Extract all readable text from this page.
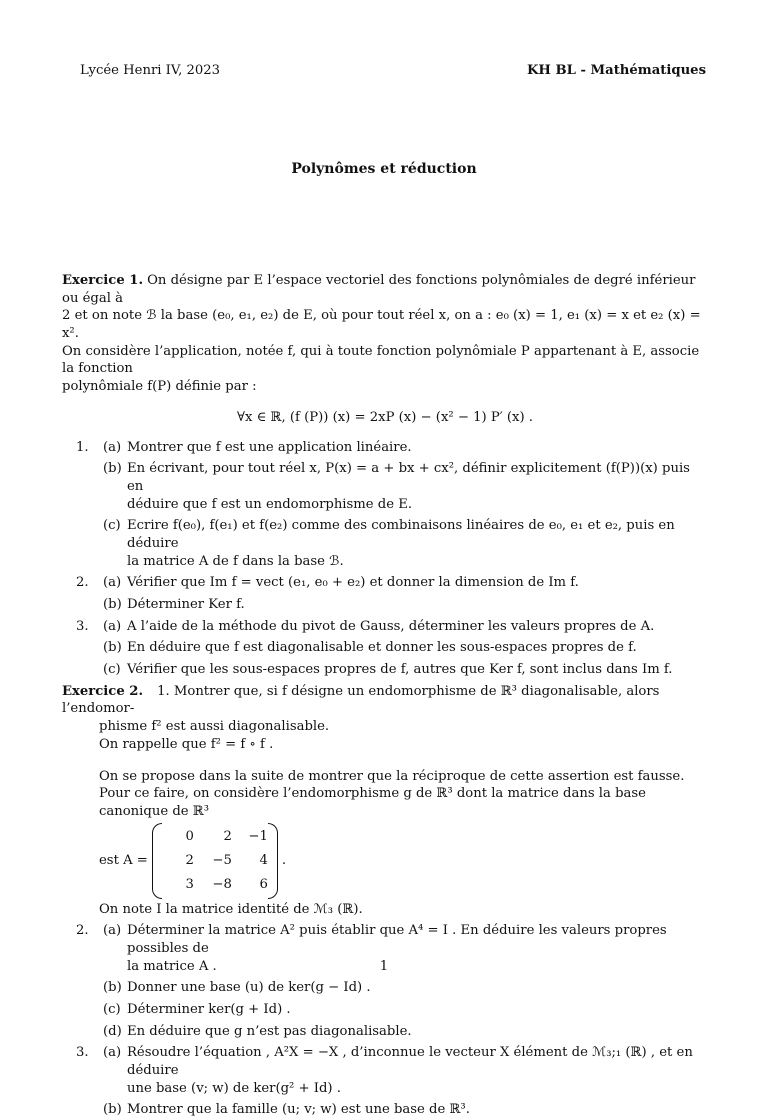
Lycée Henri IV, 2023	KH BL - Mathématiques
Polynômes et réduction

Exercice 1. On désigne par E l’espace vectoriel des fonctions polynômiales de degré inférieur ou égal à

2 et on note ℬ la base (e₀, e₁, e₂) de E, où pour tout réel x, on a : e₀ (x) = 1, e₁ (x) = x et e₂ (x) = x².

On considère l’application, notée f, qui à toute fonction polynômiale P appartenant à E, associe la fonction

polynômiale f(P) définie par :

∀x ∈ ℝ, (f (P)) (x) = 2xP (x) − (x² − 1) P′ (x) .
1. (a) Montrer que f est une application linéaire.
(b) En écrivant, pour tout réel x, P(x) = a + bx + cx², définir explicitement (f(P))(x) puis en

déduire que f est un endomorphisme de E.

(c) Ecrire f(e₀), f(e₁) et f(e₂) comme des combinaisons linéaires de e₀, e₁ et e₂, puis en déduire

la matrice A de f dans la base ℬ.

2. (a) Vérifier que Im f = vect (e₁, e₀ + e₂) et donner la dimension de Im f.
(b) Déterminer Ker f.
3. (a) A l’aide de la méthode du pivot de Gauss, déterminer les valeurs propres de A.
(b) En déduire que f est diagonalisable et donner les sous-espaces propres de f.
(c) Vérifier que les sous-espaces propres de f, autres que Ker f, sont inclus dans Im f.

Exercice 2. 1. Montrer que, si f désigne un endomorphisme de ℝ³ diagonalisable, alors l’endomor-

phisme f² est aussi diagonalisable.

On rappelle que f² = f ∘ f .

On se propose dans la suite de montrer que la réciproque de cette assertion est fausse.

Pour ce faire, on considère l’endomorphisme g de ℝ³ dont la matrice dans la base canonique de ℝ³

est A =
0	2	−1
2	−5	4
3	−8	6
.

On note I la matrice identité de ℳ₃ (ℝ).

2. (a) Déterminer la matrice A² puis établir que A⁴ = I . En déduire les valeurs propres possibles de

la matrice A .

(b) Donner une base (u) de ker(g − Id) .
(c) Déterminer ker(g + Id) .
(d) En déduire que g n’est pas diagonalisable.
3. (a) Résoudre l’équation , A²X = −X , d’inconnue le vecteur X élément de ℳ₃;₁ (ℝ) , et en déduire

une base (v; w) de ker(g² + Id) .

(b) Montrer que la famille (u; v; w) est une base de ℝ³.
1
